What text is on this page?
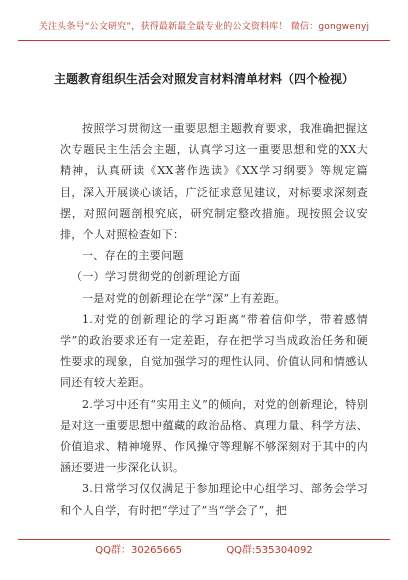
关注头条号“公文研究”，获得最新最全最专业的公文资料库！ 微信：gongwenyj
主题教育组织生活会对照发言材料清单材料（四个检视）

按照学习贯彻这一重要思想主题教育要求，我准确把握这次专题民主生活会主题，认真学习这一重要思想和党的XX大精神，认真研读《XX著作选读》《XX学习纲要》等规定篇目，深入开展谈心谈话，广泛征求意见建议，对标要求深刻查摆，对照问题剖根究底，研究制定整改措施。现按照会议安排，个人对照检查如下：

一、存在的主要问题

（一）学习贯彻党的创新理论方面

一是对党的创新理论在学“深”上有差距。

1.对党的创新理论的学习距离“带着信仰学，带着感情学”的政治要求还有一定差距，存在把学习当成政治任务和硬性要求的现象，自觉加强学习的理性认同、价值认同和情感认同还有较大差距。

2.学习中还有“实用主义”的倾向，对党的创新理论，特别是对这一重要思想中蕴藏的政治品格、真理力量、科学方法、价值追求、精神境界、作风操守等理解不够深刻对于其中的内涵还要进一步深化认识。

3.日常学习仅仅满足于参加理论中心组学习、部务会学习和个人自学，有时把“学过了”当“学会了”，把

QQ群：30265665	QQ群:535304092
